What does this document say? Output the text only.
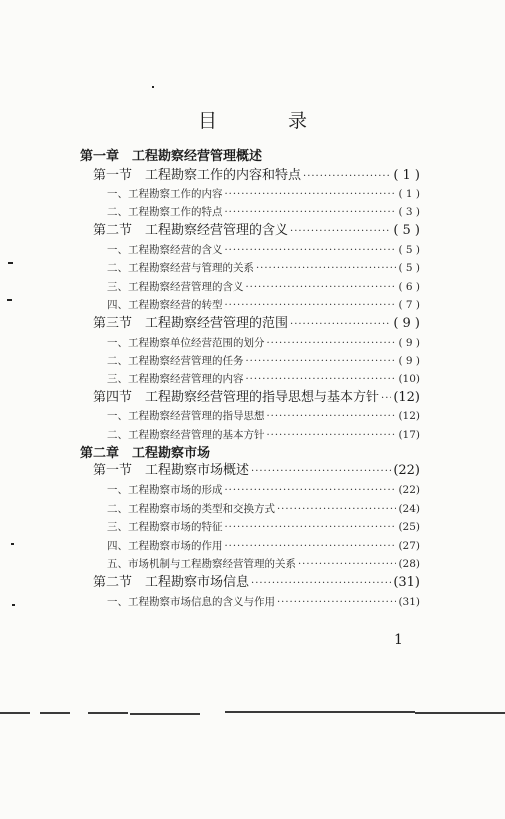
目　录
第一章　工程勘察经营管理概述
第一节　工程勘察工作的内容和特点 ·····	( 1 )
一、工程勘察工作的内容 ·····	( 1 )
二、工程勘察工作的特点 ·····	( 3 )
第二节　工程勘察经营管理的含义 ·····	( 5 )
一、工程勘察经营的含义 ·····	( 5 )
二、工程勘察经营与管理的关系 ·····	( 5 )
三、工程勘察经营管理的含义 ·····	( 6 )
四、工程勘察经营的转型 ·····	( 7 )
第三节　工程勘察经营管理的范围 ·····	( 9 )
一、工程勘察单位经营范围的划分 ·····	( 9 )
二、工程勘察经营管理的任务 ·····	( 9 )
三、工程勘察经营管理的内容 ·····	(10)
第四节　工程勘察经营管理的指导思想与基本方针 ····· (12)
一、工程勘察经营管理的指导思想 ·····	(12)
二、工程勘察经营管理的基本方针 ·····	(17)
第二章　工程勘察市场
第一节　工程勘察市场概述 ·····	(22)
一、工程勘察市场的形成 ·····	(22)
二、工程勘察市场的类型和交换方式 ·····	(24)
三、工程勘察市场的特征 ·····	(25)
四、工程勘察市场的作用 ·····	(27)
五、市场机制与工程勘察经营管理的关系 ·····	(28)
第二节　工程勘察市场信息 ·····	(31)
一、工程勘察市场信息的含义与作用 ·····	(31)
1
